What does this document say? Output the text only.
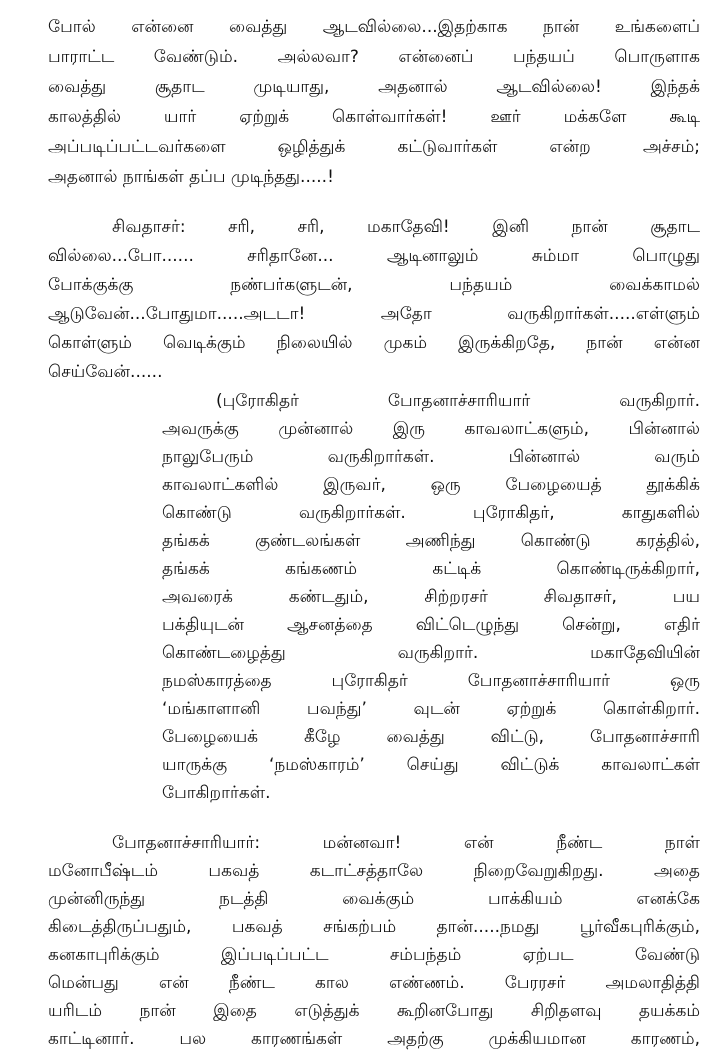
போல் என்னை வைத்து ஆடவில்லை...இதற்காக நான் உங்களைப்
பாராட்ட வேண்டும். அல்லவா? என்னைப் பந்தயப் பொருளாக
வைத்து சூதாட முடியாது, அதனால் ஆடவில்லை! இந்தக்
காலத்தில் யார் ஏற்றுக் கொள்வார்கள்! ஊர் மக்களே கூடி
அப்படிப்பட்டவர்களை ஒழித்துக் கட்டுவார்கள் என்ற அச்சம்;
அதனால் நாங்கள் தப்ப முடிந்தது.....!
சிவதாசர்: சரி, சரி, மகாதேவி! இனி நான் சூதாட
வில்லை...போ...... சரிதானே... ஆடினாலும் சும்மா பொழுது
போக்குக்கு நண்பர்களுடன், பந்தயம் வைக்காமல்
ஆடுவேன்...போதுமா.....அடடா! அதோ வருகிறார்கள்.....எள்ளும்
கொள்ளும் வெடிக்கும் நிலையில் முகம் இருக்கிறதே, நான் என்ன
செய்வேன்......
(புரோகிதர் போதனாச்சாரியார் வருகிறார்.
அவருக்கு முன்னால் இரு காவலாட்களும், பின்னால்
நாலுபேரும் வருகிறார்கள். பின்னால் வரும்
காவலாட்களில் இருவர், ஒரு பேழையைத் தூக்கிக்
கொண்டு வருகிறார்கள். புரோகிதர், காதுகளில்
தங்கக் குண்டலங்கள் அணிந்து கொண்டு கரத்தில்,
தங்கக் கங்கணம் கட்டிக் கொண்டிருக்கிறார்,
அவரைக் கண்டதும், சிற்றரசர் சிவதாசர், பய
பக்தியுடன் ஆசனத்தை விட்டெழுந்து சென்று, எதிர்
கொண்டழைத்து வருகிறார். மகாதேவியின்
நமஸ்காரத்தை புரோகிதர் போதனாச்சாரியார் ஒரு
‘மங்காளானி பவந்து’ வுடன் ஏற்றுக் கொள்கிறார்.
பேழையைக் கீழே வைத்து விட்டு, போதனாச்சாரி
யாருக்கு ‘நமஸ்காரம்’ செய்து விட்டுக் காவலாட்கள்
போகிறார்கள்.
போதனாச்சாரியார்: மன்னவா! என் நீண்ட நாள்
மனோபீஷ்டம் பகவத் கடாட்சத்தாலே நிறைவேறுகிறது. அதை
முன்னிருந்து நடத்தி வைக்கும் பாக்கியம் எனக்கே
கிடைத்திருப்பதும், பகவத் சங்கற்பம் தான்.....நமது பூர்வீகபுரிக்கும்,
கனகாபுரிக்கும் இப்படிப்பட்ட சம்பந்தம் ஏற்பட வேண்டு
மென்பது என் நீண்ட கால எண்ணம். பேரரசர் அமலாதித்தி
யரிடம் நான் இதை எடுத்துக் கூறினபோது சிறிதளவு தயக்கம்
காட்டினார். பல காரணங்கள் அதற்கு முக்கியமான காரணம்,
